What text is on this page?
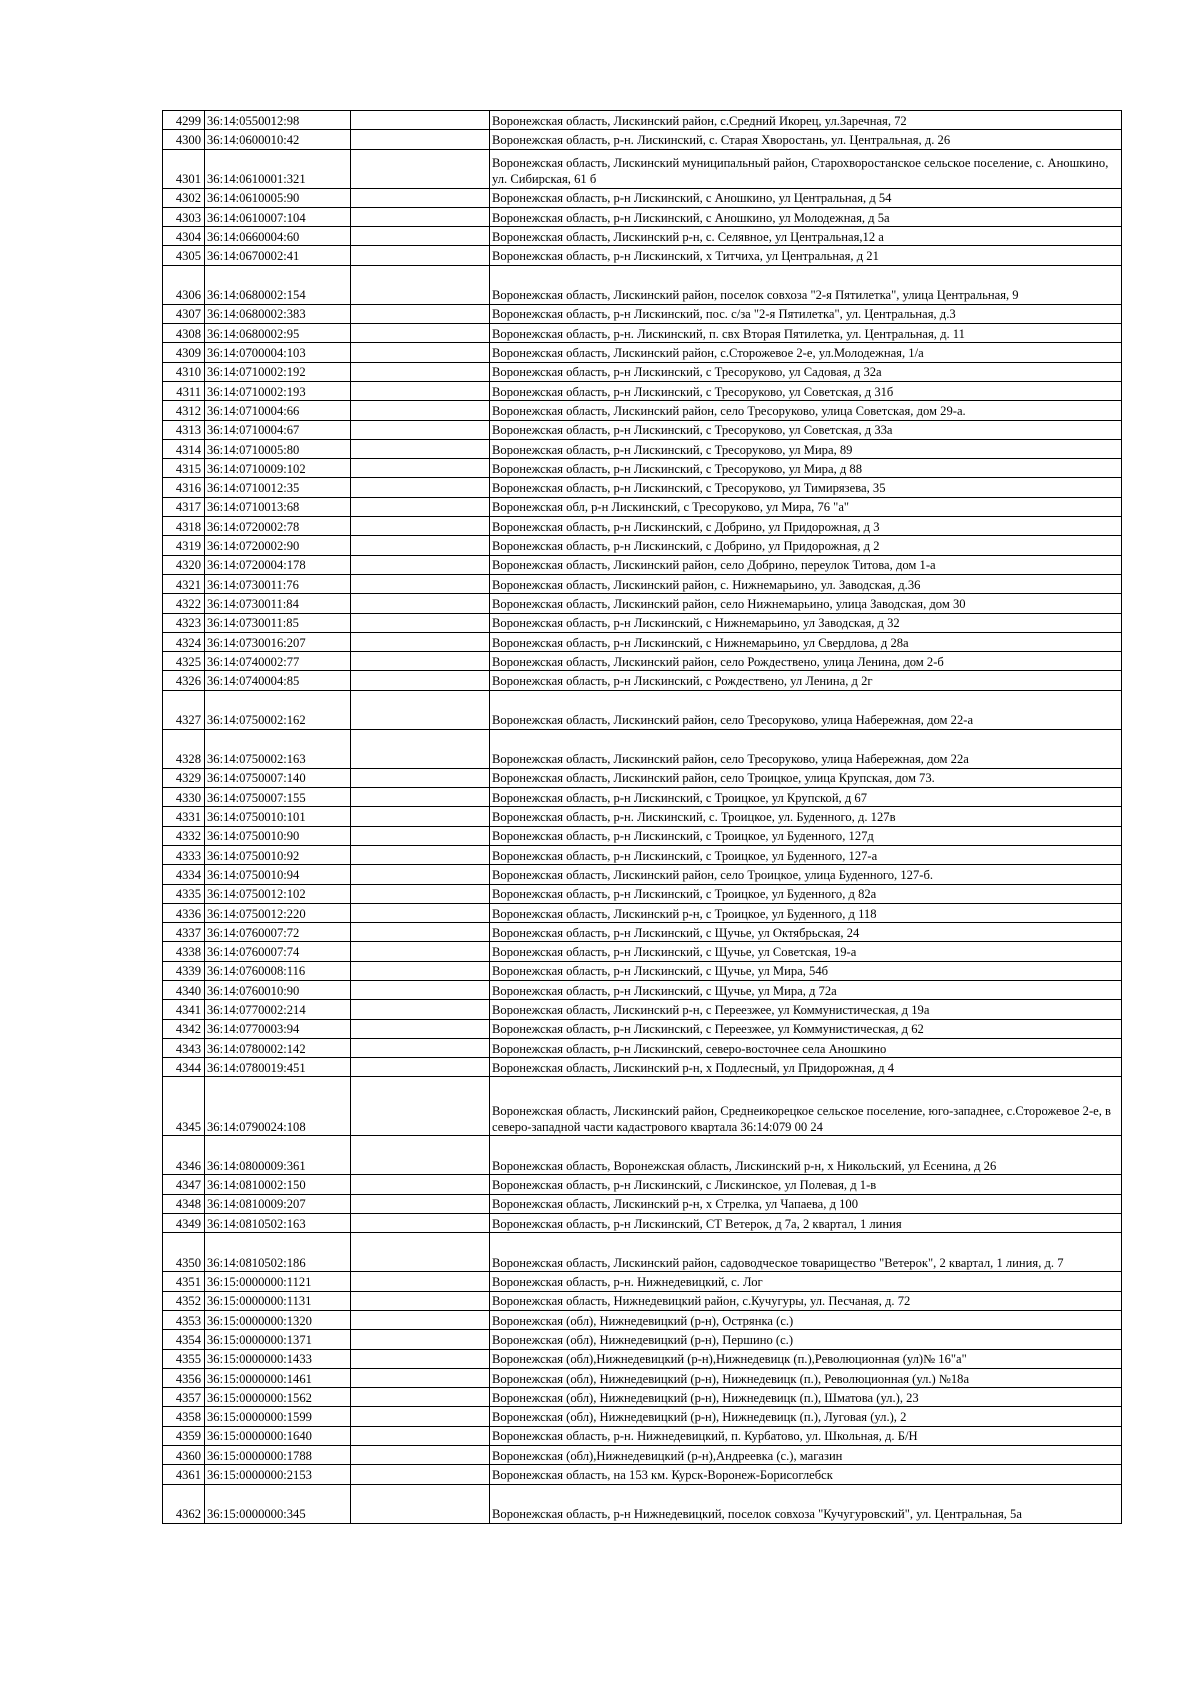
4299	36:14:0550012:98		Воронежская область, Лискинский район, с.Средний Икорец, ул.Заречная, 72
4300	36:14:0600010:42		Воронежская область, р-н. Лискинский, с. Старая Хворостань, ул. Центральная, д. 26
4301	36:14:0610001:321		Воронежская область, Лискинский муниципальный район, Старохворостанское сельское поселение, с. Аношкино, ул. Сибирская, 61 б
4302	36:14:0610005:90		Воронежская область, р-н Лискинский, с Аношкино, ул Центральная, д 54
4303	36:14:0610007:104		Воронежская область, р-н Лискинский, с Аношкино, ул Молодежная, д 5а
4304	36:14:0660004:60		Воронежская область, Лискинский р-н, с. Селявное, ул Центральная,12 а
4305	36:14:0670002:41		Воронежская область, р-н Лискинский, х Титчиха, ул Центральная, д 21
4306	36:14:0680002:154		Воронежская область, Лискинский район, поселок совхоза "2-я Пятилетка", улица Центральная, 9
4307	36:14:0680002:383		Воронежская область, р-н Лискинский, пос. с/за "2-я Пятилетка", ул. Центральная, д.3
4308	36:14:0680002:95		Воронежская область, р-н. Лискинский, п. свх Вторая Пятилетка, ул. Центральная, д. 11
4309	36:14:0700004:103		Воронежская область, Лискинский район, с.Сторожевое 2-е, ул.Молодежная, 1/а
4310	36:14:0710002:192		Воронежская область, р-н Лискинский, с Тресоруково, ул Садовая, д 32а
4311	36:14:0710002:193		Воронежская область, р-н Лискинский, с Тресоруково, ул Советская, д 31б
4312	36:14:0710004:66		Воронежская область, Лискинский район, село Тресоруково, улица Советская, дом 29-а.
4313	36:14:0710004:67		Воронежская область, р-н Лискинский, с Тресоруково, ул Советская, д 33а
4314	36:14:0710005:80		Воронежская область, р-н Лискинский, с Тресоруково, ул Мира, 89
4315	36:14:0710009:102		Воронежская область, р-н Лискинский, с Тресоруково, ул Мира, д 88
4316	36:14:0710012:35		Воронежская область, р-н Лискинский, с Тресоруково, ул Тимирязева, 35
4317	36:14:0710013:68		Воронежская обл, р-н Лискинский, с Тресоруково, ул Мира, 76 "а"
4318	36:14:0720002:78		Воронежская область, р-н Лискинский, с Добрино, ул Придорожная, д 3
4319	36:14:0720002:90		Воронежская область, р-н Лискинский, с Добрино, ул Придорожная, д 2
4320	36:14:0720004:178		Воронежская область, Лискинский район, село Добрино, переулок Титова, дом 1-а
4321	36:14:0730011:76		Воронежская область, Лискинский район, с. Нижнемарьино, ул. Заводская, д.36
4322	36:14:0730011:84		Воронежская область, Лискинский район, село Нижнемарьино, улица Заводская, дом 30
4323	36:14:0730011:85		Воронежская область, р-н Лискинский, с Нижнемарьино, ул Заводская, д 32
4324	36:14:0730016:207		Воронежская область, р-н Лискинский, с Нижнемарьино, ул Свердлова, д 28а
4325	36:14:0740002:77		Воронежская область, Лискинский район, село Рождествено, улица Ленина, дом 2-б
4326	36:14:0740004:85		Воронежская область, р-н Лискинский, с Рождествено, ул Ленина, д 2г
4327	36:14:0750002:162		Воронежская область, Лискинский район, село Тресоруково, улица Набережная, дом 22-а
4328	36:14:0750002:163		Воронежская область, Лискинский район, село Тресоруково, улица Набережная, дом 22а
4329	36:14:0750007:140		Воронежская область, Лискинский район, село Троицкое, улица Крупская, дом 73.
4330	36:14:0750007:155		Воронежская область, р-н Лискинский, с Троицкое, ул Крупской, д 67
4331	36:14:0750010:101		Воронежская область, р-н. Лискинский, с. Троицкое, ул. Буденного, д. 127в
4332	36:14:0750010:90		Воронежская область, р-н Лискинский, с Троицкое, ул Буденного, 127д
4333	36:14:0750010:92		Воронежская область, р-н Лискинский, с Троицкое, ул Буденного, 127-а
4334	36:14:0750010:94		Воронежская область, Лискинский район, село Троицкое, улица Буденного, 127-б.
4335	36:14:0750012:102		Воронежская область, р-н Лискинский, с Троицкое, ул Буденного, д 82а
4336	36:14:0750012:220		Воронежская область, Лискинский р-н, с Троицкое, ул Буденного, д 118
4337	36:14:0760007:72		Воронежская область, р-н Лискинский, с Щучье, ул Октябрьская, 24
4338	36:14:0760007:74		Воронежская область, р-н Лискинский, с Щучье, ул Советская, 19-а
4339	36:14:0760008:116		Воронежская область, р-н Лискинский, с Щучье, ул Мира, 54б
4340	36:14:0760010:90		Воронежская область, р-н Лискинский, с Щучье, ул Мира, д 72а
4341	36:14:0770002:214		Воронежская область, Лискинский р-н, с Переезжее, ул Коммунистическая, д 19а
4342	36:14:0770003:94		Воронежская область, р-н Лискинский, с Переезжее, ул Коммунистическая, д 62
4343	36:14:0780002:142		Воронежская область, р-н Лискинский, северо-восточнее села Аношкино
4344	36:14:0780019:451		Воронежская область, Лискинский р-н, х Подлесный, ул Придорожная, д 4
4345	36:14:0790024:108		Воронежская область, Лискинский район, Среднеикорецкое сельское поселение, юго-западнее, с.Сторожевое 2-е, в северо-западной части кадастрового квартала 36:14:079 00 24
4346	36:14:0800009:361		Воронежская область, Воронежская область, Лискинский р-н, х Никольский, ул Есенина, д 26
4347	36:14:0810002:150		Воронежская область, р-н Лискинский, с Лискинское, ул Полевая, д 1-в
4348	36:14:0810009:207		Воронежская область, Лискинский р-н, х Стрелка, ул Чапаева, д 100
4349	36:14:0810502:163		Воронежская область, р-н Лискинский, СТ Ветерок, д 7а, 2 квартал, 1 линия
4350	36:14:0810502:186		Воронежская область, Лискинский район, садоводческое товарищество "Ветерок", 2 квартал, 1 линия, д. 7
4351	36:15:0000000:1121		Воронежская область, р-н. Нижнедевицкий, с. Лог
4352	36:15:0000000:1131		Воронежская область, Нижнедевицкий район, с.Кучугуры, ул. Песчаная, д. 72
4353	36:15:0000000:1320		Воронежская (обл), Нижнедевицкий (р-н), Острянка (с.)
4354	36:15:0000000:1371		Воронежская (обл), Нижнедевицкий (р-н), Першино (с.)
4355	36:15:0000000:1433		Воронежская (обл),Нижнедевицкий (р-н),Нижнедевицк (п.),Революционная (ул)№ 16"а"
4356	36:15:0000000:1461		Воронежская (обл), Нижнедевицкий (р-н), Нижнедевицк (п.), Революционная (ул.) №18а
4357	36:15:0000000:1562		Воронежская (обл), Нижнедевицкий (р-н), Нижнедевицк (п.), Шматова (ул.), 23
4358	36:15:0000000:1599		Воронежская (обл), Нижнедевицкий (р-н), Нижнедевицк (п.), Луговая (ул.), 2
4359	36:15:0000000:1640		Воронежская область, р-н. Нижнедевицкий, п. Курбатово, ул. Школьная, д. Б/Н
4360	36:15:0000000:1788		Воронежская (обл),Нижнедевицкий (р-н),Андреевка (с.), магазин
4361	36:15:0000000:2153		Воронежская область, на 153 км. Курск-Воронеж-Борисоглебск
4362	36:15:0000000:345		Воронежская область, р-н Нижнедевицкий, поселок совхоза "Кучугуровский", ул. Центральная, 5а
